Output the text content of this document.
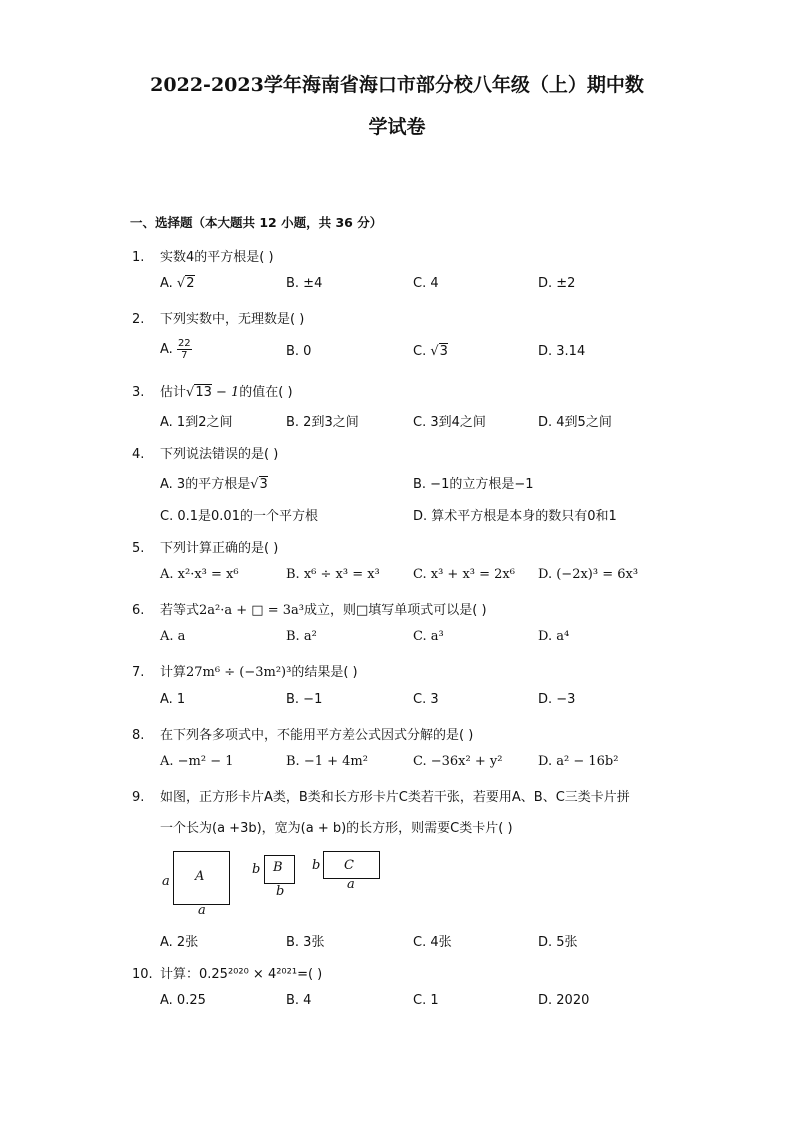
2022-2023学年海南省海口市部分校八年级（上）期中数
学试卷
一、选择题（本大题共 12 小题，共 36 分）
1. 实数4的平方根是( )
A. √2	B. ±4	C. 4	D. ±2
2. 下列实数中，无理数是( )
A. $\frac{22}{7}$	B. 0	C. √3	D. 3.14
3. 估计√13 − 1的值在( )
A. 1到2之间	B. 2到3之间	C. 3到4之间	D. 4到5之间
4. 下列说法错误的是( )
A. 3的平方根是√3	B. −1的立方根是−1
C. 0.1是0.01的一个平方根	D. 算术平方根是本身的数只有0和1
5. 下列计算正确的是( )
A. x²·x³ = x⁶	B. x⁶ ÷ x³ = x³	C. x³ + x³ = 2x⁶ D. (−2x)³ = 6x³
6. 若等式2a²·a + □ = 3a³成立，则□填写单项式可以是( )
A. a	B. a²	C. a³	D. a⁴
7. 计算27m⁶ ÷ (−3m²)³的结果是( )
A. 1	B. −1	C. 3	D. −3
8. 在下列各多项式中，不能用平方差公式因式分解的是( )
A. −m² − 1	B. −1 + 4m²	C. −36x² + y²	D. a² − 16b²
9. 如图，正方形卡片A类，B类和长方形卡片C类若干张，若要用A、B、C三类卡片拼
一个长为(a +3b)，宽为(a + b)的长方形，则需要C类卡片( )
A
a
a
B
b
b
C
b
a
A. 2张	B. 3张	C. 4张	D. 5张
10. 计算：0.25²⁰²⁰ × 4²⁰²¹=( )
A. 0.25	B. 4	C. 1	D. 2020
